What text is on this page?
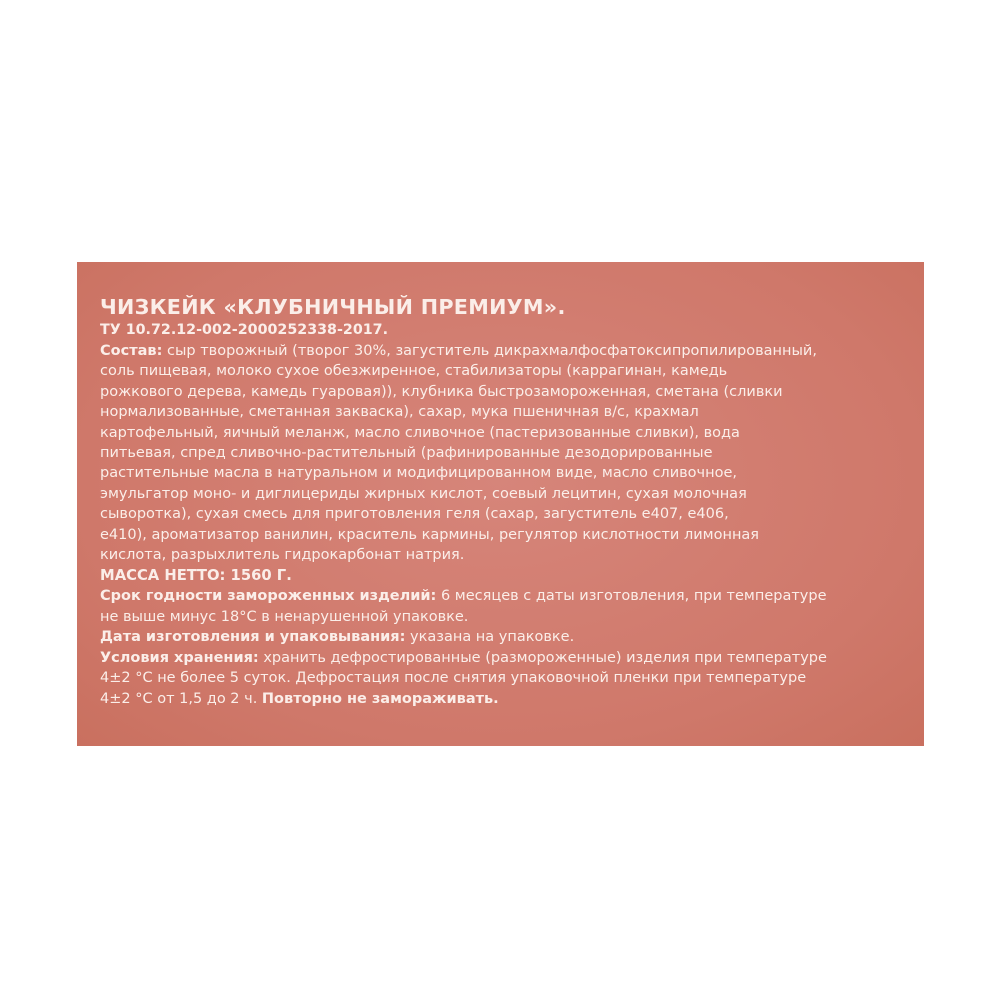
ЧИЗКЕЙК «КЛУБНИЧНЫЙ ПРЕМИУМ».

ТУ 10.72.12-002-2000252338-2017.

Состав: сыр творожный (творог 30%, загуститель дикрахмалфосфатоксипропилированный,
соль пищевая, молоко сухое обезжиренное, стабилизаторы (каррагинан, камедь
рожкового дерева, камедь гуаровая)), клубника быстрозамороженная, сметана (сливки
нормализованные, сметанная закваска), сахар, мука пшеничная в/с, крахмал
картофельный, яичный меланж, масло сливочное (пастеризованные сливки), вода
питьевая, спред сливочно-растительный (рафинированные дезодорированные
растительные масла в натуральном и модифицированном виде, масло сливочное,
эмульгатор моно- и диглицериды жирных кислот, соевый лецитин, сухая молочная
сыворотка), сухая смесь для приготовления геля (сахар, загуститель е407, е406,
е410), ароматизатор ванилин, краситель кармины, регулятор кислотности лимонная
кислота, разрыхлитель гидрокарбонат натрия.

МАССА НЕТТО: 1560 Г.

Срок годности замороженных изделий: 6 месяцев с даты изготовления, при температуре
не выше минус 18°С в ненарушенной упаковке.

Дата изготовления и упаковывания: указана на упаковке.

Условия хранения: хранить дефростированные (размороженные) изделия при температуре
4±2 °С не более 5 суток. Дефростация после снятия упаковочной пленки при температуре
4±2 °С от 1,5 до 2 ч. Повторно не замораживать.
